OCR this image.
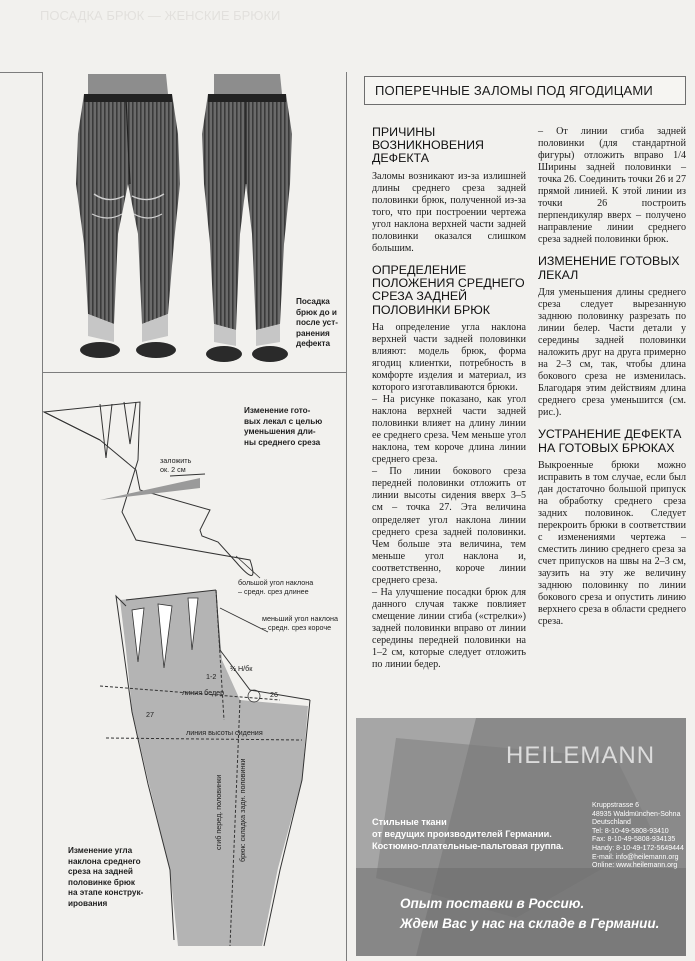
ПОСАДКА БРЮК — ЖЕНСКИЕ БРЮКИ
Посадка
брюк до и
после уст-
ранения
дефекта
Изменение гото-
вых лекал с целью
уменьшения дли-
ны среднего среза
заложить
ок. 2 см
большой угол наклона
– средн. срез длинее
меньший угол наклона
– средн. срез короче
1-2
½ Н/бк
линия бедер	26
27
линия высоты сидения
сгиб перед. половинки брюк: складка задн. половинки
Изменение угла
наклона среднего
среза на задней
половинке брюк
на этапе конструк-
ирования
ПОПЕРЕЧНЫЕ ЗАЛОМЫ ПОД ЯГОДИЦАМИ
ПРИЧИНЫ ВОЗНИКНОВЕНИЯ ДЕФЕКТА

Заломы возникают из-за излишней длины среднего среза задней половинки брюк, полученной из-за того, что при построении чертежа угол наклона верхней части задней половинки оказался слишком большим.

ОПРЕДЕЛЕНИЕ ПОЛОЖЕНИЯ СРЕДНЕГО СРЕЗА ЗАДНЕЙ ПОЛОВИНКИ БРЮК

На определение угла наклона верхней части задней половинки влияют: модель брюк, форма ягодиц клиентки, потребность в комфорте изделия и материал, из которого изготавливаются брюки.

– На рисунке показано, как угол наклона верхней части задней половинки влияет на длину линии ее среднего среза. Чем меньше угол наклона, тем короче длина линии среднего среза.

– По линии бокового среза передней половинки отложить от линии высоты сидения вверх 3–5 см – точка 27. Эта величина определяет угол наклона линии среднего среза задней половинки. Чем больше эта величина, тем меньше угол наклона и, соответственно, короче линии среднего среза.

– На улучшение посадки брюк для данного случая также повлияет смещение линии сгиба («стрелки») задней половинки вправо от линии середины передней половинки на 1–2 см, которые следует отложить по линии бедер.

– От линии сгиба задней половинки (для стандартной фигуры) отложить вправо 1/4 Ширины задней половинки – точка 26. Соединить точки 26 и 27 прямой линией. К этой линии из точки 26 построить перпендикуляр вверх – получено направление линии среднего среза задней половинки брюк.

ИЗМЕНЕНИЕ ГОТОВЫХ ЛЕКАЛ

Для уменьшения длины среднего среза следует вырезанную заднюю половинку разрезать по линии белер. Части детали у середины задней половинки наложить друг на друга примерно на 2–3 см, так, чтобы длина бокового среза не изменилась. Благодаря этим действиям длина среднего среза уменьшится (см. рис.).

УСТРАНЕНИЕ ДЕФЕКТА НА ГОТОВЫХ БРЮКАХ

Выкроенные брюки можно исправить в том случае, если был дан достаточно большой припуск на обработку среднего среза задних половинок. Следует перекроить брюки в соответствии с изменениями чертежа – сместить линию среднего среза за счет припусков на швы на 2–3 см, заузить на эту же величину заднюю половинку по линии бокового среза и опустить линию верхнего среза в области среднего среза.

HEILEMANN
Стильные ткани
от ведущих производителей Германии.
Костюмно-плательные-пальтовая группа.
Kruppstrasse 6
48935 Waldmünchen-Sohna
Deutschland
Tel: 8-10-49-5808-93410
Fax: 8-10-49-5808-934135
Handy: 8-10-49-172-5649444
E-mail: info@heilemann.org
Online: www.heilemann.org
Опыт поставки в Россию.
Ждем Вас у нас на складе в Германии.
